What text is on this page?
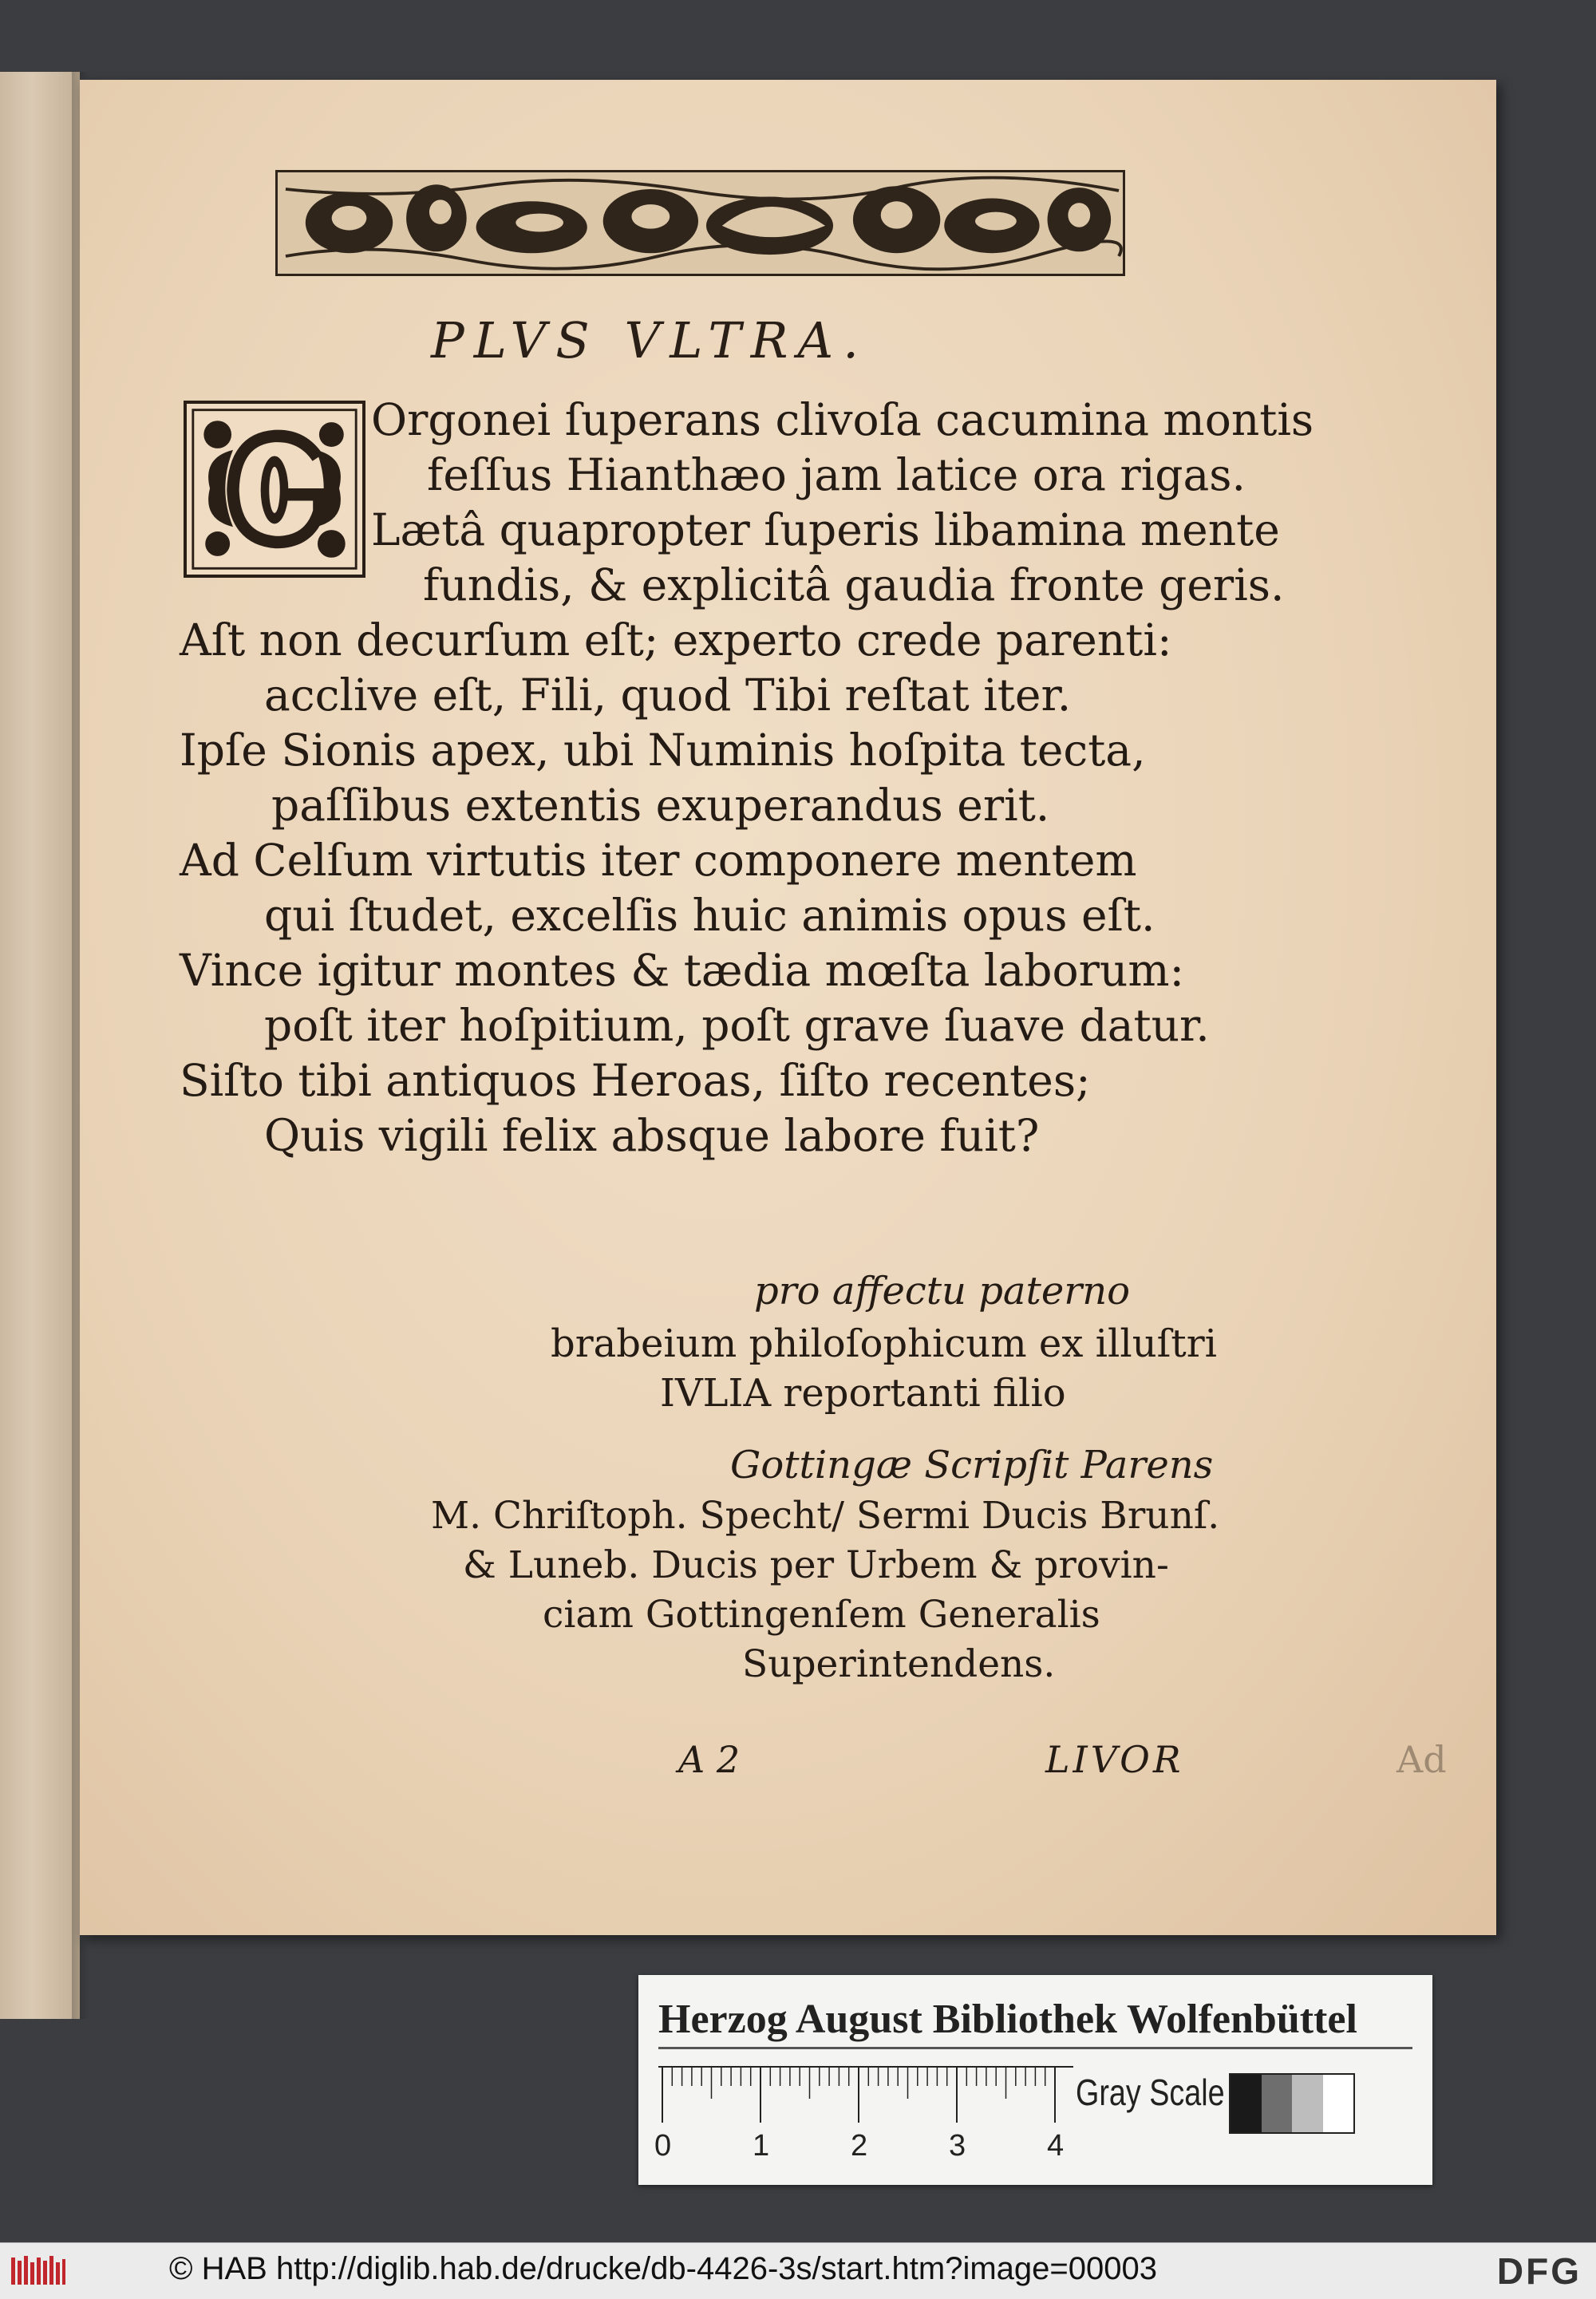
PLVS VLTRA.
Orgonei ſuperans clivoſa cacumina montis
feſſus Hianthæo jam latice ora rigas.
Lætâ quapropter ſuperis libamina mente
fundis, & explicitâ gaudia fronte geris.
Aſt non decurſum eſt; experto crede parenti:
acclive eſt, Fili, quod Tibi reſtat iter.
Ipſe Sionis apex, ubi Numinis hoſpita tecta,
paſſibus extentis exuperandus erit.
Ad Celſum virtutis iter componere mentem
qui ſtudet, excelſis huic animis opus eſt.
Vince igitur montes & tædia mœſta laborum:
poſt iter hoſpitium, poſt grave ſuave datur.
Siſto tibi antiquos Heroas, ſiſto recentes;
Quis vigili felix absque labore fuit?
pro affectu paterno
brabeium philoſophicum ex illuſtri
IVLIA reportanti filio
Gottingæ Scripſit Parens
M. Chriſtoph. Specht/ Sermi Ducis Brunſ.
& Luneb. Ducis per Urbem & provin-
ciam Gottingenſem Generalis
Superintendens.
A 2	LIVOR	Ad
Herzog August Bibliothek Wolfenbüttel
0	1	2	3	4
Gray Scale
© HAB http://diglib.hab.de/drucke/db-4426-3s/start.htm?image=00003	DFG
